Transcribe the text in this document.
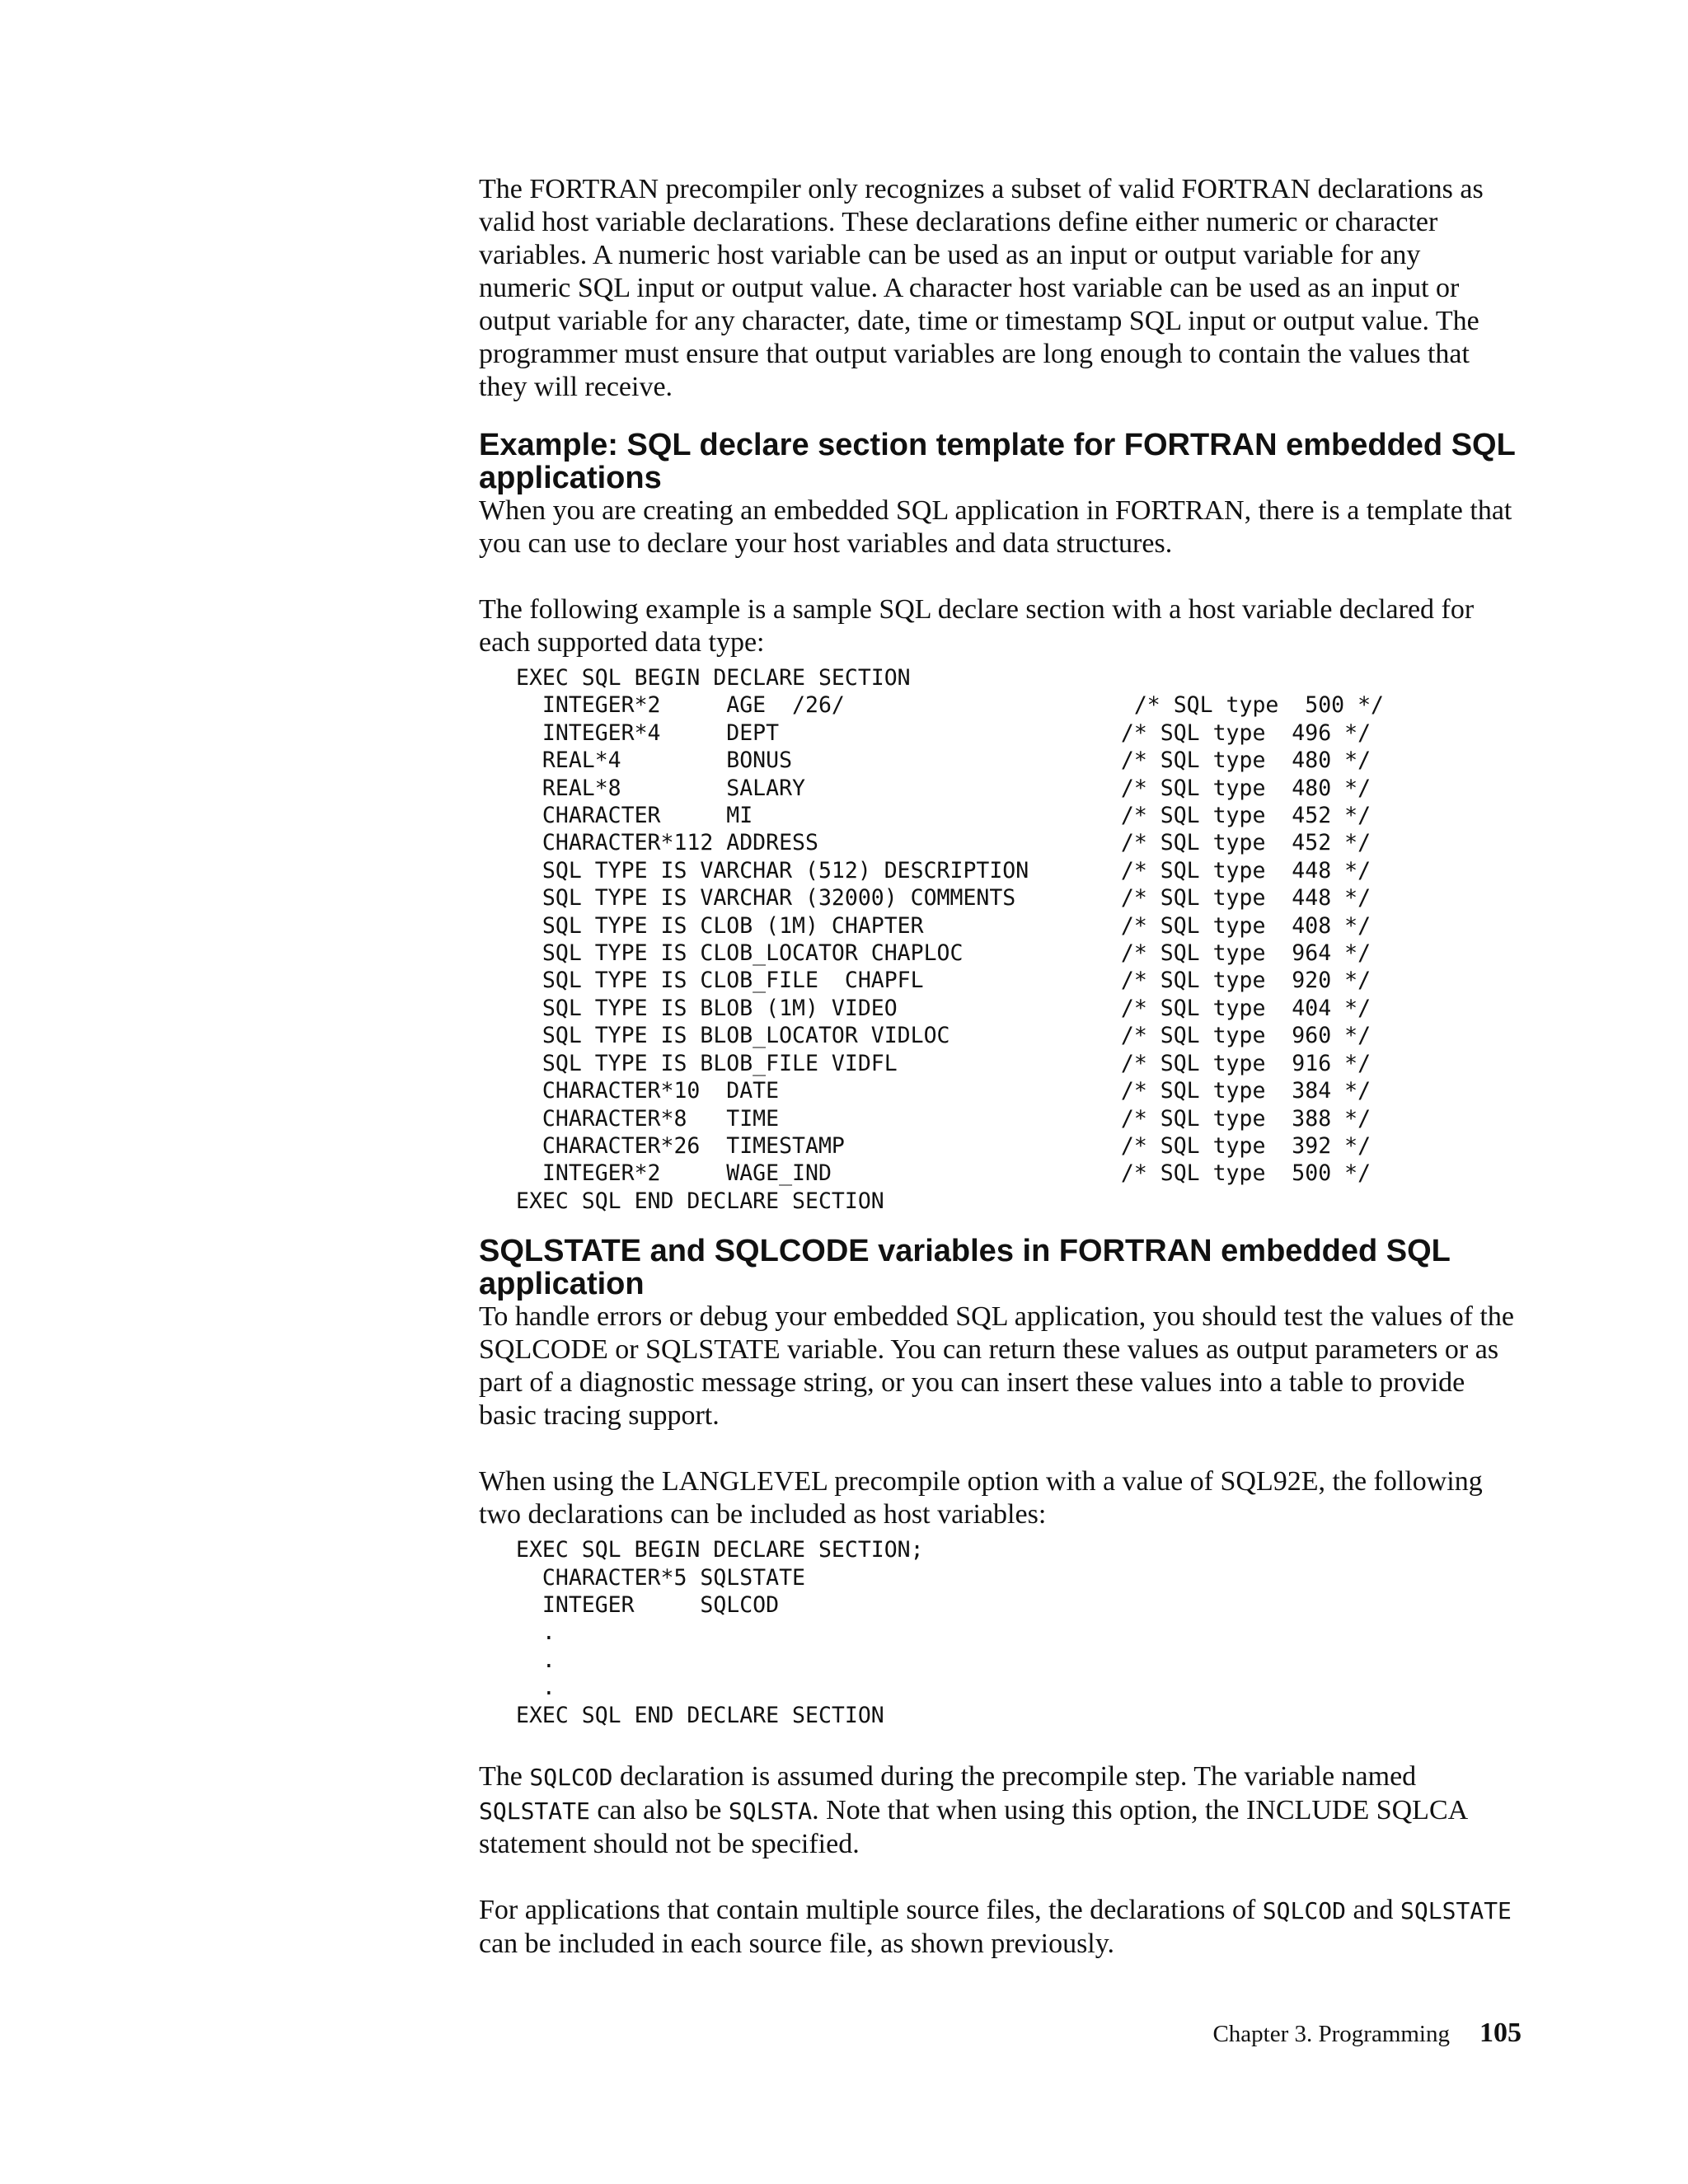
The FORTRAN precompiler only recognizes a subset of valid FORTRAN declarations as valid host variable declarations. These declarations define either numeric or character variables. A numeric host variable can be used as an input or output variable for any numeric SQL input or output value. A character host variable can be used as an input or output variable for any character, date, time or timestamp SQL input or output value. The programmer must ensure that output variables are long enough to contain the values that they will receive.

Example: SQL declare section template for FORTRAN embedded SQL applications

When you are creating an embedded SQL application in FORTRAN, there is a template that you can use to declare your host variables and data structures.

The following example is a sample SQL declare section with a host variable declared for each supported data type:

EXEC SQL BEGIN DECLARE SECTION
INTEGER*2     AGE  /26/                      /* SQL type  500 */
INTEGER*4     DEPT                          /* SQL type  496 */
REAL*4        BONUS                         /* SQL type  480 */
REAL*8        SALARY                        /* SQL type  480 */
CHARACTER     MI                            /* SQL type  452 */
CHARACTER*112 ADDRESS                       /* SQL type  452 */
SQL TYPE IS VARCHAR (512) DESCRIPTION       /* SQL type  448 */
SQL TYPE IS VARCHAR (32000) COMMENTS        /* SQL type  448 */
SQL TYPE IS CLOB (1M) CHAPTER               /* SQL type  408 */
SQL TYPE IS CLOB_LOCATOR CHAPLOC            /* SQL type  964 */
SQL TYPE IS CLOB_FILE  CHAPFL               /* SQL type  920 */
SQL TYPE IS BLOB (1M) VIDEO                 /* SQL type  404 */
SQL TYPE IS BLOB_LOCATOR VIDLOC             /* SQL type  960 */
SQL TYPE IS BLOB_FILE VIDFL                 /* SQL type  916 */
CHARACTER*10  DATE                          /* SQL type  384 */
CHARACTER*8   TIME                          /* SQL type  388 */
CHARACTER*26  TIMESTAMP                     /* SQL type  392 */
INTEGER*2     WAGE_IND                      /* SQL type  500 */
EXEC SQL END DECLARE SECTION
SQLSTATE and SQLCODE variables in FORTRAN embedded SQL application

To handle errors or debug your embedded SQL application, you should test the values of the SQLCODE or SQLSTATE variable. You can return these values as output parameters or as part of a diagnostic message string, or you can insert these values into a table to provide basic tracing support.

When using the LANGLEVEL precompile option with a value of SQL92E, the following two declarations can be included as host variables:

EXEC SQL BEGIN DECLARE SECTION;
CHARACTER*5 SQLSTATE
INTEGER     SQLCOD
.
.
.
EXEC SQL END DECLARE SECTION

The SQLCOD declaration is assumed during the precompile step. The variable named SQLSTATE can also be SQLSTA. Note that when using this option, the INCLUDE SQLCA statement should not be specified.

For applications that contain multiple source files, the declarations of SQLCOD and SQLSTATE can be included in each source file, as shown previously.

Chapter 3. Programming 105
